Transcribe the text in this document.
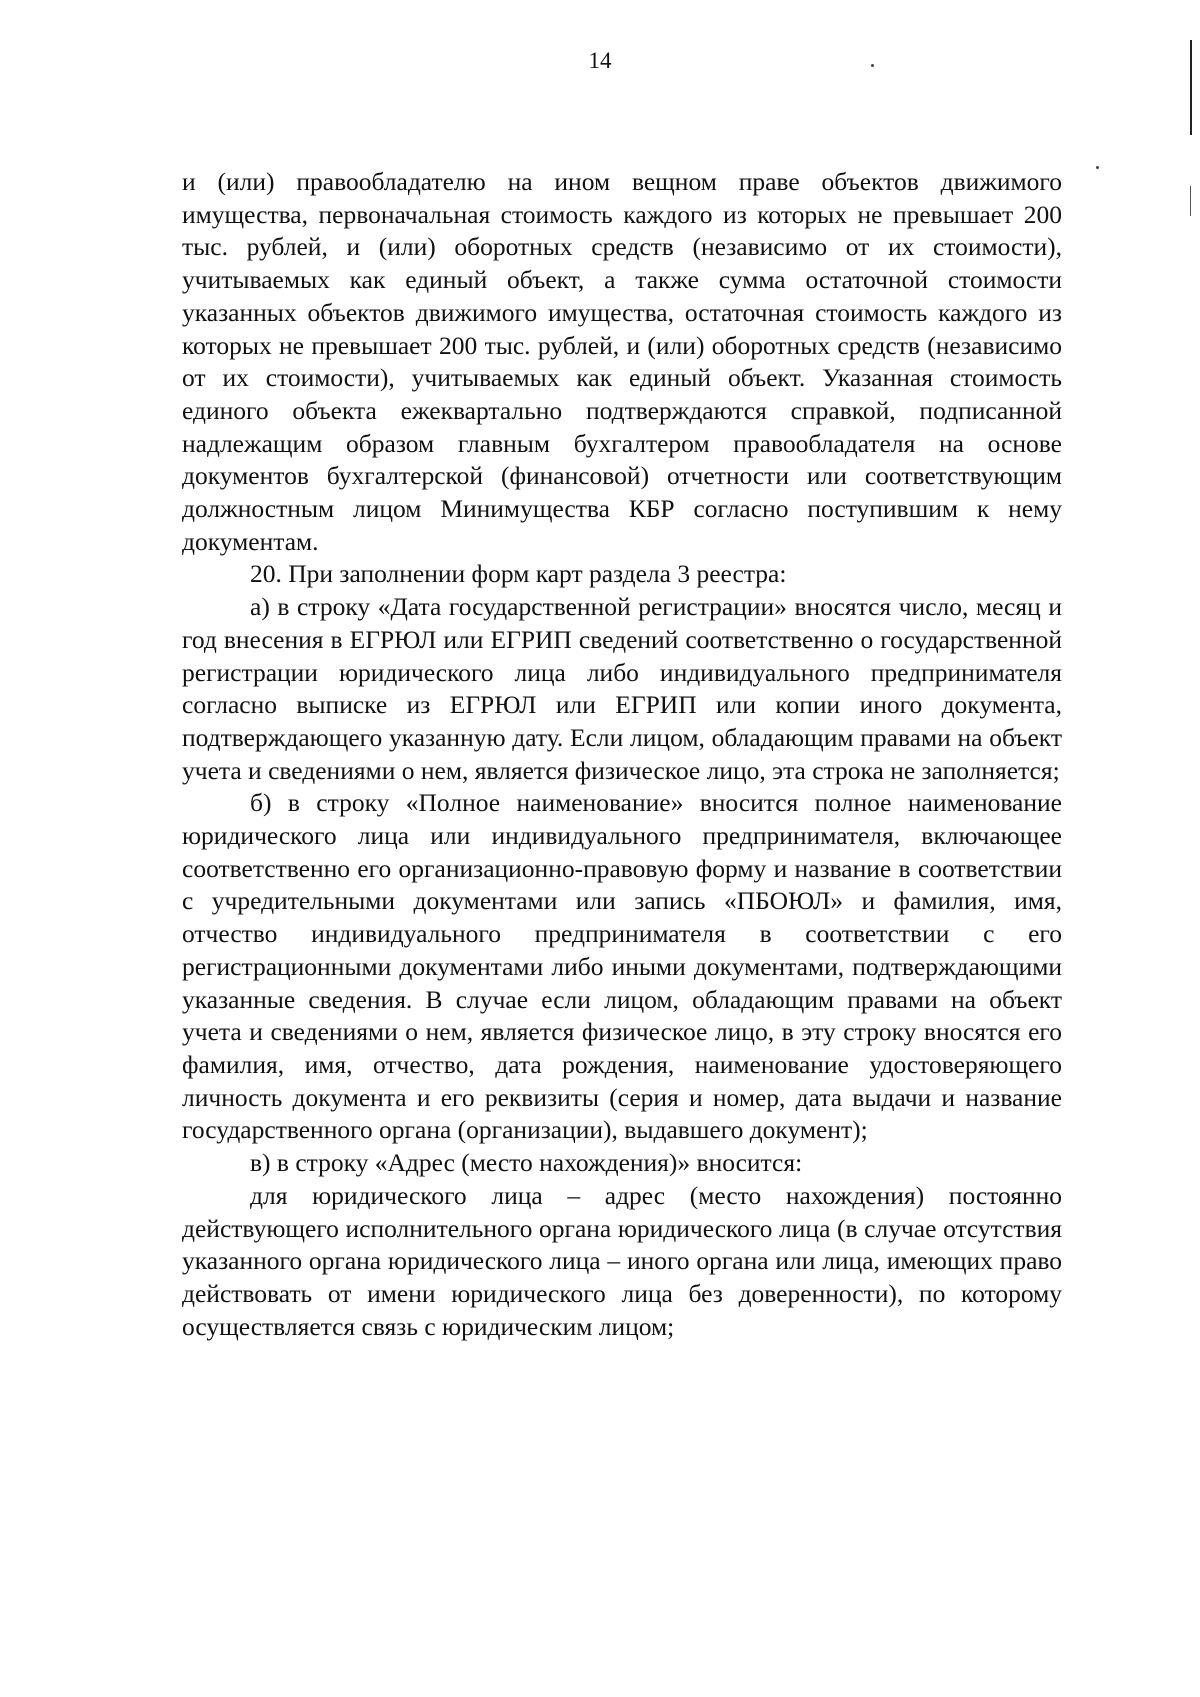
14

и (или) правообладателю на ином вещном праве объектов движимого имущества, первоначальная стоимость каждого из которых не превышает 200 тыс. рублей, и (или) оборотных средств (независимо от их стоимости), учитываемых как единый объект, а также сумма остаточной стоимости указанных объектов движимого имущества, остаточная стоимость каждого из которых не превышает 200 тыс. рублей, и (или) оборотных средств (независимо от их стоимости), учитываемых как единый объект. Указанная стоимость единого объекта ежеквартально подтверждаются справкой, подписанной надлежащим образом главным бухгалтером правообладателя на основе документов бухгалтерской (финансовой) отчетности или соответствующим должностным лицом Минимущества КБР согласно поступившим к нему документам.

20. При заполнении форм карт раздела 3 реестра:

а) в строку «Дата государственной регистрации» вносятся число, месяц и год внесения в ЕГРЮЛ или ЕГРИП сведений соответственно о государственной регистрации юридического лица либо индивидуального предпринимателя согласно выписке из ЕГРЮЛ или ЕГРИП или копии иного документа, подтверждающего указанную дату. Если лицом, обладающим правами на объект учета и сведениями о нем, является физическое лицо, эта строка не заполняется;

б) в строку «Полное наименование» вносится полное наименование юридического лица или индивидуального предпринимателя, включающее соответственно его организационно-правовую форму и название в соответствии с учредительными документами или запись «ПБОЮЛ» и фамилия, имя, отчество индивидуального предпринимателя в соответствии с его регистрационными документами либо иными документами, подтверждающими указанные сведения. В случае если лицом, обладающим правами на объект учета и сведениями о нем, является физическое лицо, в эту строку вносятся его фамилия, имя, отчество, дата рождения, наименование удостоверяющего личность документа и его реквизиты (серия и номер, дата выдачи и название государственного органа (организации), выдавшего документ);

в) в строку «Адрес (место нахождения)» вносится:

для юридического лица – адрес (место нахождения) постоянно действующего исполнительного органа юридического лица (в случае отсутствия указанного органа юридического лица – иного органа или лица, имеющих право действовать от имени юридического лица без доверенности), по которому осуществляется связь с юридическим лицом;
